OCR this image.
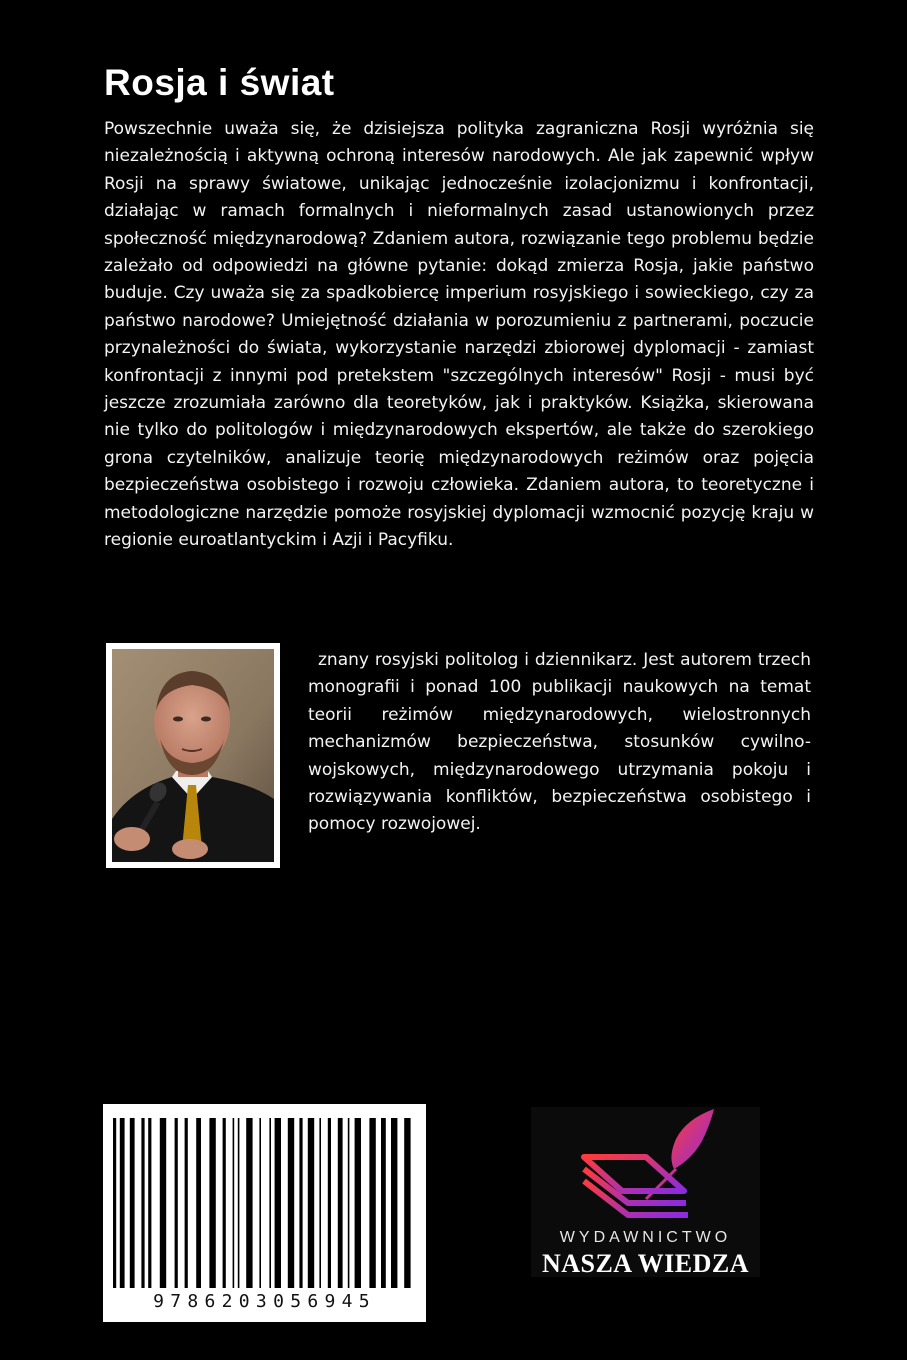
Rosja i świat

Powszechnie uważa się, że dzisiejsza polityka zagraniczna Rosji wyróżnia się niezależnością i aktywną ochroną interesów narodowych. Ale jak zapewnić wpływ Rosji na sprawy światowe, unikając jednocześnie izolacjonizmu i konfrontacji, działając w ramach formalnych i nieformalnych zasad ustanowionych przez społeczność międzynarodową? Zdaniem autora, rozwiązanie tego problemu będzie zależało od odpowiedzi na główne pytanie: dokąd zmierza Rosja, jakie państwo buduje. Czy uważa się za spadkobiercę imperium rosyjskiego i sowieckiego, czy za państwo narodowe? Umiejętność działania w porozumieniu z partnerami, poczucie przynależności do świata, wykorzystanie narzędzi zbiorowej dyplomacji - zamiast konfrontacji z innymi pod pretekstem "szczególnych interesów" Rosji - musi być jeszcze zrozumiała zarówno dla teoretyków, jak i praktyków. Książka, skierowana nie tylko do politologów i międzynarodowych ekspertów, ale także do szerokiego grona czytelników, analizuje teorię międzynarodowych reżimów oraz pojęcia bezpieczeństwa osobistego i rozwoju człowieka. Zdaniem autora, to teoretyczne i metodologiczne narzędzie pomoże rosyjskiej dyplomacji wzmocnić pozycję kraju w regionie euroatlantyckim i Azji i Pacyfiku.

znany rosyjski politolog i dziennikarz. Jest autorem trzech monografii i ponad 100 publikacji naukowych na temat teorii reżimów międzynarodowych, wielostronnych mechanizmów bezpieczeństwa, stosunków cywilno-wojskowych, międzynarodowego utrzymania pokoju i rozwiązywania konfliktów, bezpieczeństwa osobistego i pomocy rozwojowej.

9786203056945
WYDAWNICTWO
NASZA WIEDZA
